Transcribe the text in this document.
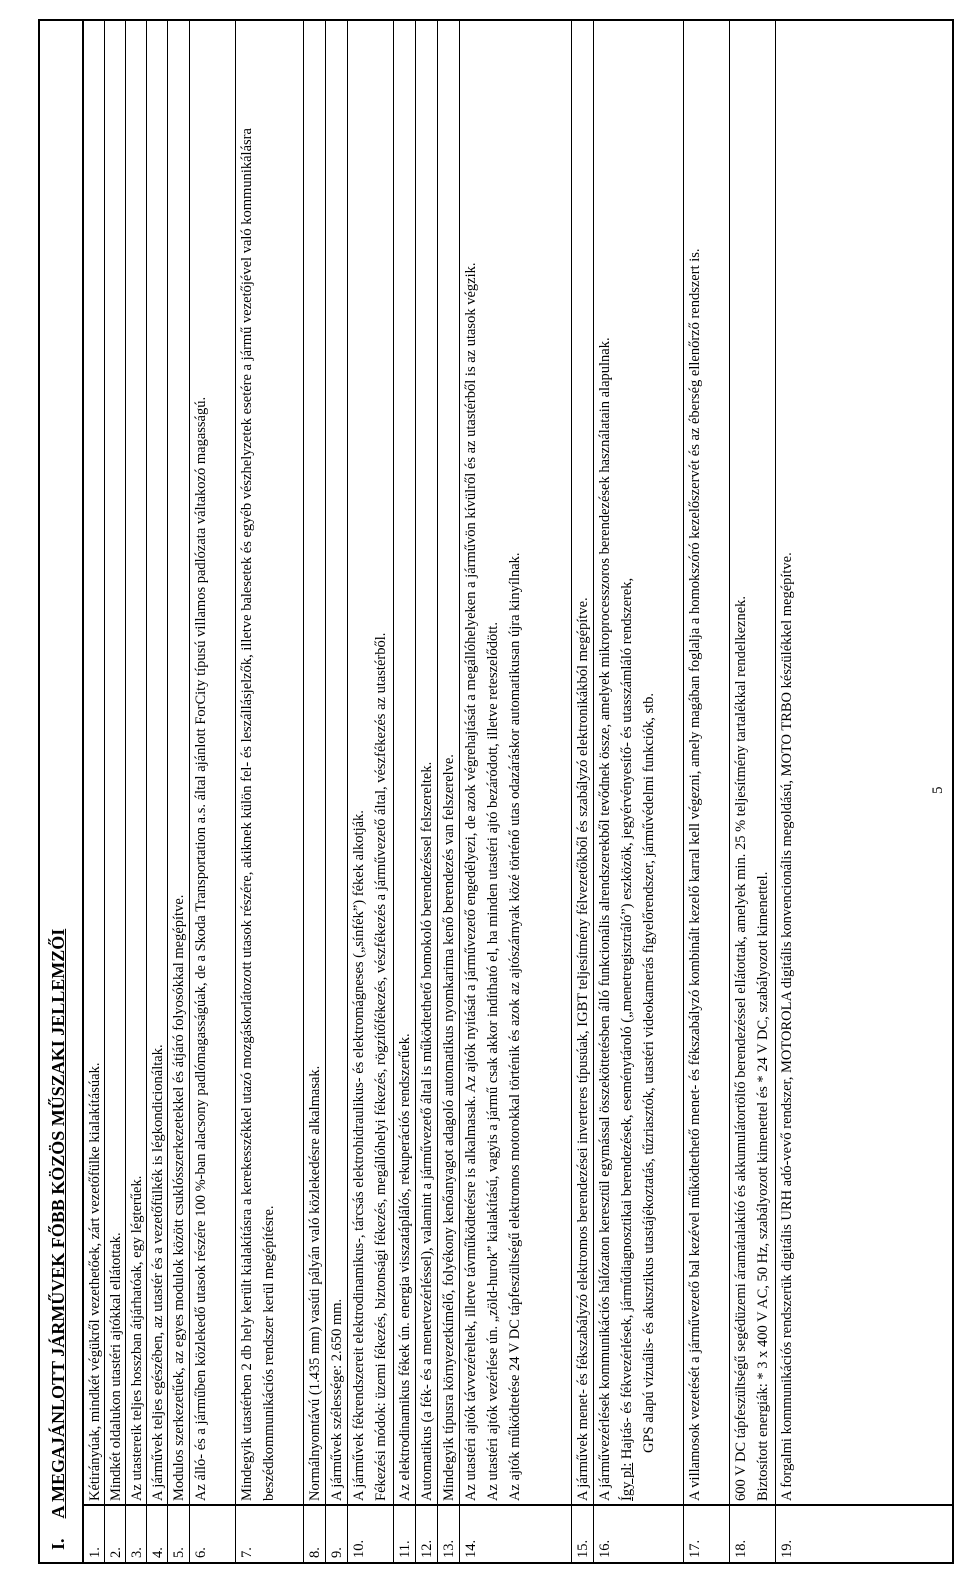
5
I. A MEGAJÁNLOTT JÁRMŰVEK FŐBB KÖZÖS MŰSZAKI JELLEMZŐI
1.
Kétirányúak, mindkét végükről vezethetőek, zárt vezetőfülke kialakításúak.
2.
Mindkét oldalukon utastéri ajtókkal ellátottak.
3.
Az utastereik teljes hosszban átjárhatóak, egy légterűek.
4.
A járművek teljes egészében, az utastér és a vezetőfülkék is légkondicionáltak.
5.
Modulos szerkezetűek, az egyes modulok között csuklósszerkezetekkel és átjáró folyosókkal megépítve.
6.
Az álló- és a járműben közlekedő utasok részére 100 %-ban alacsony padlómagasságúak, de a Skoda Transportation a.s. által ajánlott ForCity típusú villamos padlózata váltakozó magasságú.
7.
Mindegyik utastérben 2 db hely került kialakításra a kerekesszékkel utazó mozgáskorlátozott utasok részére, akiknek külön fel- és leszállásjelzők, illetve balesetek és egyéb vészhelyzetek esetére a jármű vezetőjével való kommunikálásra beszédkommunikációs rendszer kerül megépítésre.
8.
Normálnyomtávú (1.435 mm) vasúti pályán való közlekedésre alkalmasak.
9.
A járművek szélessége: 2.650 mm.
10.
A járművek fékrendszereit elektrodinamikus-, tárcsás elektrohidraulikus- és elektromágneses („sínfék”) fékek alkotják. Fékezési módok: üzemi fékezés, biztonsági fékezés, megállóhelyi fékezés, rögzítőfékezés, vészfékezés a járművezető által, vészfékezés az utastérből.
11.
Az elektrodinamikus fékek ún. energia visszatáplálós, rekuperációs rendszerűek.
12.
Automatikus (a fék- és a menetvezérléssel), valamint a járművezető által is működtethető homokoló berendezéssel felszereltek.
13.
Mindegyik típusra környezetkímélő, folyékony kenőanyagot adagoló automatikus nyomkarima kenő berendezés van felszerelve.
14.
Az utastéri ajtók távvezéreltek, illetve távműködtetésre is alkalmasak. Az ajtók nyitását a járművezető engedélyezi, de azok végrehajtását a megállóhelyeken a járművön kívülről és az utastérből is az utasok végzik. Az utastéri ajtók vezérlése ún. „zöld-hurok” kialakítású, vagyis a jármű csak akkor indítható el, ha minden utastéri ajtó bezáródott, illetve reteszelődött. Az ajtók működtetése 24 V DC tápfeszültségű elektromos motorokkal történik és azok az ajtószárnyak közé történő utas odazáráskor automatikusan újra kinyílnak.
15.
A járművek menet- és fékszabályzó elektromos berendezései inverteres típusúak, IGBT teljesítmény félvezetőkből és szabályzó elektronikákból megépítve.
16.
A járművezérlések kommunikációs hálózaton keresztül egymással összeköttetésben álló funkcionális alrendszerekből tevődnek össze, amelyek mikroprocesszoros berendezések használatain alapulnak. Így pl: Hajtás- és fékvezérlések, járműdiagnosztikai berendezések, eseménytároló („menetregisztráló”) eszközök, jegyérvényesítő- és utasszámláló rendszerek, GPS alapú vizuális- és akusztikus utastájékoztatás, tűzriasztók, utastéri videokamerás figyelőrendszer, járművédelmi funkciók, stb.
17.
A villamosok vezetését a járművezető bal kezével működtethető menet- és fékszabályzó kombinált kezelő karral kell végezni, amely magában foglalja a homokszóró kezelőszervét és az éberség ellenőrző rendszert is.
18.
600 V DC tápfeszültségű segédüzemi áramátalakító és akkumulátortöltő berendezéssel ellátottak, amelyek min. 25 % teljesítmény tartalékkal rendelkeznek. Biztosított energiák: * 3 x 400 V AC, 50 Hz, szabályozott kimenettel és * 24 V DC, szabályozott kimenettel.
19.
A forgalmi kommunikációs rendszerük digitális URH adó-vevő rendszer, MOTOROLA digitális konvencionális megoldású, MOTO TRBO készülékkel megépítve.
